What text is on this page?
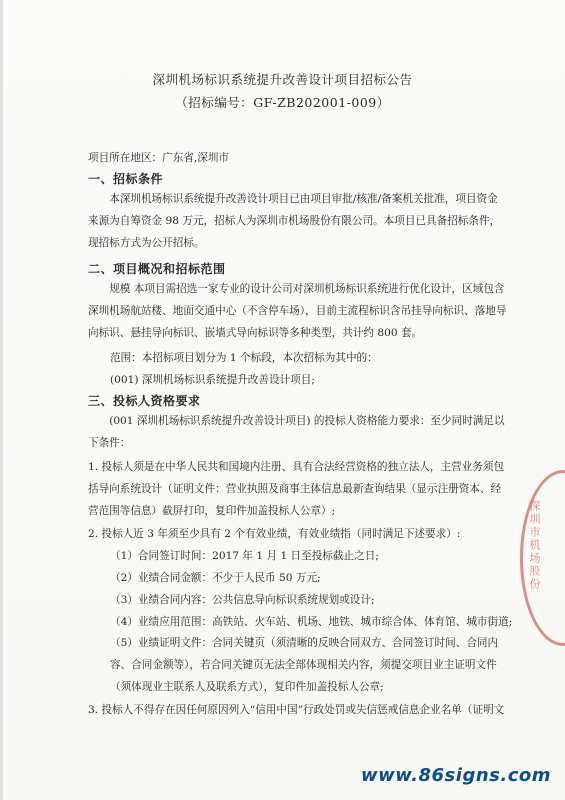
深圳机场标识系统提升改善设计项目招标公告
（招标编号：GF-ZB202001-009）
项目所在地区：广东省,深圳市
一、招标条件
本深圳机场标识系统提升改善设计项目已由项目审批/核准/备案机关批准，项目资金来源为自筹资金 98 万元，招标人为深圳市机场股份有限公司。本项目已具备招标条件，现招标方式为公开招标。
二、项目概况和招标范围
规模 本项目需招选一家专业的设计公司对深圳机场标识系统进行优化设计，区域包含深圳机场航站楼、地面交通中心（不含停车场），目前主流程标识含吊挂导向标识、落地导向标识、悬挂导向标识、嵌墙式导向标识等多种类型，共计约 800 套。
范围：本招标项目划分为 1 个标段，本次招标为其中的：
(001) 深圳机场标识系统提升改善设计项目;
三、投标人资格要求
(001 深圳机场标识系统提升改善设计项目) 的投标人资格能力要求：至少同时满足以下条件：
1. 投标人须是在中华人民共和国境内注册、具有合法经营资格的独立法人，主营业务须包括导向系统设计（证明文件：营业执照及商事主体信息最新查询结果（显示注册资本、经营范围等信息）截屏打印，复印件加盖投标人公章）;
2. 投标人近 3 年须至少具有 2 个有效业绩，有效业绩指（同时满足下述要求）:
（1）合同签订时间：2017 年 1 月 1 日至投标截止之日;
（2）业绩合同金额：不少于人民币 50 万元;
（3）业绩合同内容：公共信息导向标识系统规划或设计;
（4）业绩应用范围：高铁站、火车站、机场、地铁、城市综合体、体育馆、城市街道;
（5）业绩证明文件：合同关键页（须清晰的反映合同双方、合同签订时间、合同内容、合同金额等），若合同关键页无法全部体现相关内容，须提交项目业主证明文件（须体现业主联系人及联系方式），复印件加盖投标人公章;
3. 投标人不得存在因任何原因列入“信用中国”行政处罚或失信惩戒信息企业名单（证明文
深圳市机场股份
www.86signs.com
